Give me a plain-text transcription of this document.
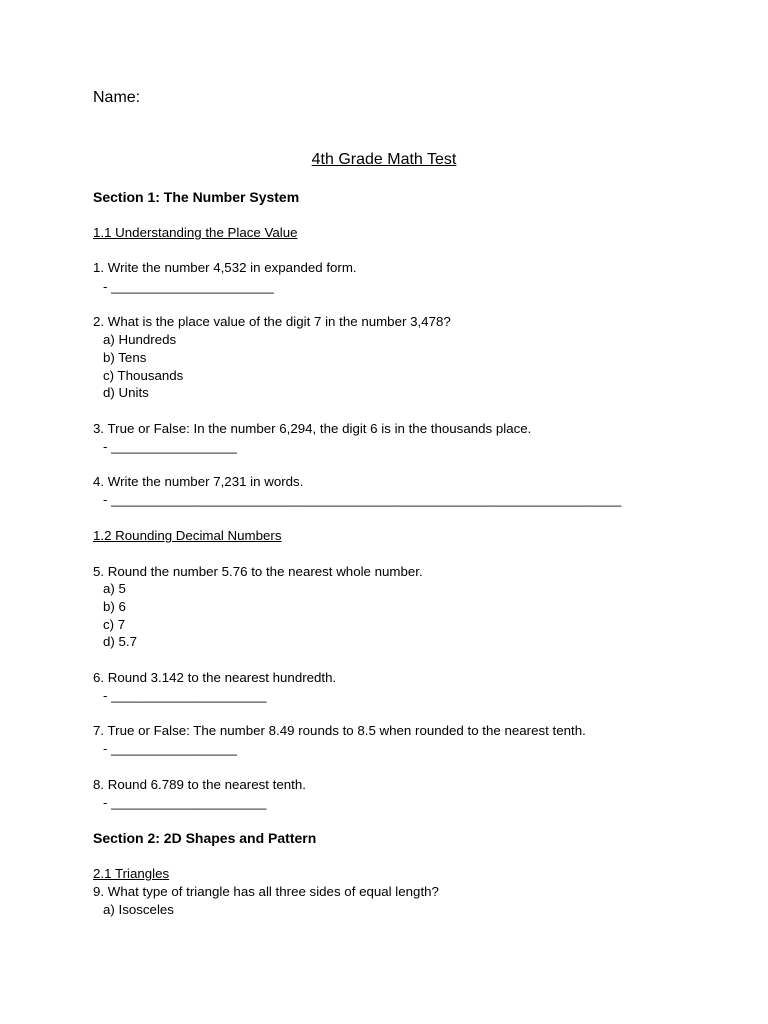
Name:
4th Grade Math Test
Section 1: The Number System
1.1 Understanding the Place Value
1. Write the number 4,532 in expanded form.
- ______________________
2. What is the place value of the digit 7 in the number 3,478?
a) Hundreds
b) Tens
c) Thousands
d) Units
3. True or False: In the number 6,294, the digit 6 is in the thousands place.
- _________________
4. Write the number 7,231 in words.
- _____________________________________________________________________
1.2 Rounding Decimal Numbers
5. Round the number 5.76 to the nearest whole number.
a) 5
b) 6
c) 7
d) 5.7
6. Round 3.142 to the nearest hundredth.
- _____________________
7. True or False: The number 8.49 rounds to 8.5 when rounded to the nearest tenth.
- _________________
8. Round 6.789 to the nearest tenth.
- _____________________
Section 2: 2D Shapes and Pattern
2.1 Triangles
9. What type of triangle has all three sides of equal length?
a) Isosceles
